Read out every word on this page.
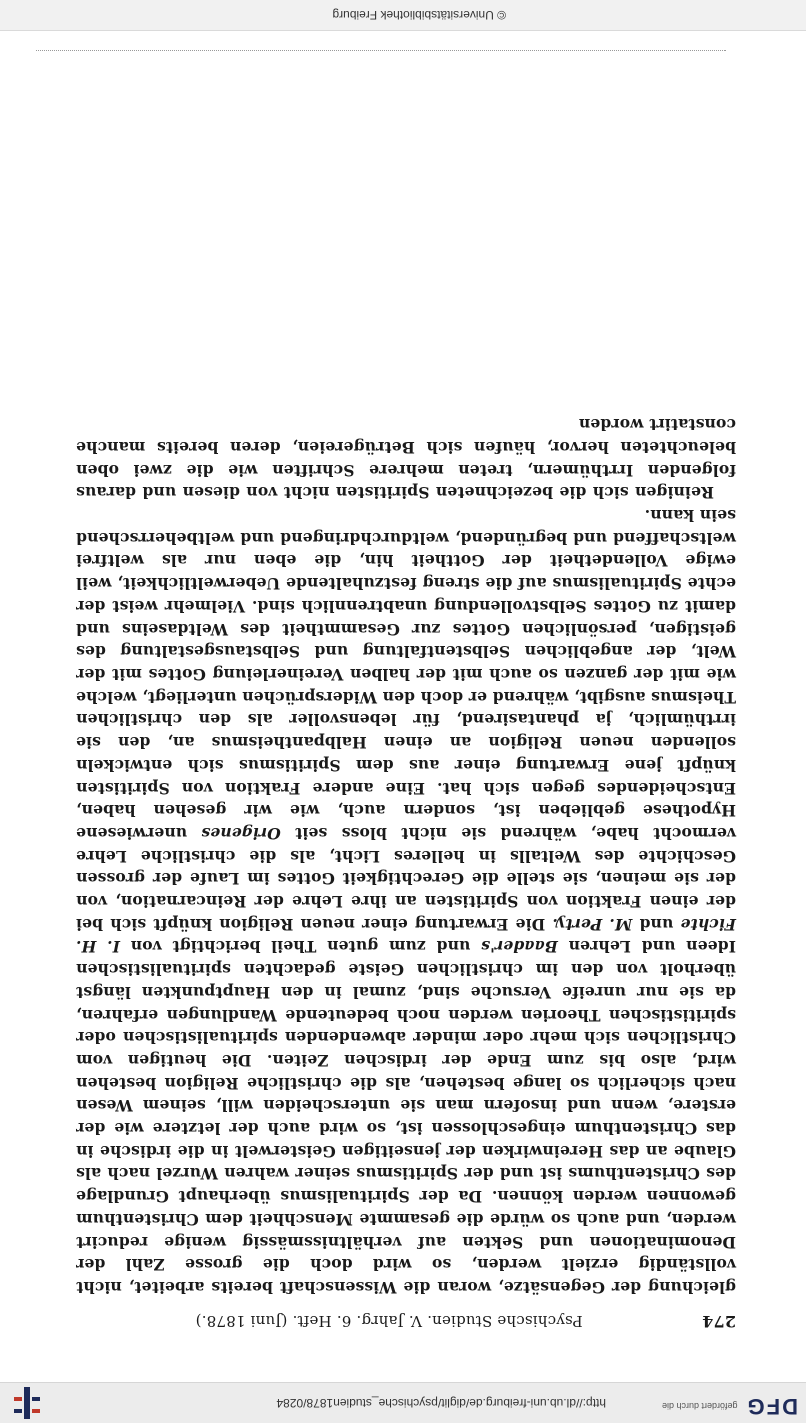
DFG
gefördert durch die
http://dl.ub.uni-freiburg.de/diglit/psychische_studien1878/0284
274
Psychische Studien. V. Jahrg. 6. Heft. (Juni 1878.)

gleichung der Gegensätze, woran die Wissenschaft bereits arbeitet, nicht vollständig erzielt werden, so wird doch die grosse Zahl der Denominationen und Sekten auf verhältnissmässig wenige reducirt werden, und auch so würde die gesammte Menschheit dem Christenthum gewonnen werden können. Da der Spiritualismus überhaupt Grundlage des Christenthums ist und der Spiritismus seiner wahren Wurzel nach als Glaube an das Hereinwirken der jenseitigen Geisterwelt in die irdische in das Christenthum eingeschlossen ist, so wird auch der letztere wie der erstere, wenn und insofern man sie unterscheiden will, seinem Wesen nach sicherlich so lange bestehen, als die christliche Religion bestehen wird, also bis zum Ende der irdischen Zeiten. Die heutigen vom Christlichen sich mehr oder minder abwendenden spiritualistischen oder spiritistischen Theorien werden noch bedeutende Wandlungen erfahren, da sie nur unreife Versuche sind, zumal in den Hauptpunkten längst überholt von den im christlichen Geiste gedachten spiritualistischen Ideen und Lehren Baader's und zum guten Theil berichtigt von I. H. Fichte und M. Perty. Die Erwartung einer neuen Religion knüpft sich bei der einen Fraktion von Spiritisten an ihre Lehre der Reincarnation, von der sie meinen, sie stelle die Gerechtigkeit Gottes im Laufe der grossen Geschichte des Weltalls in helleres Licht, als die christliche Lehre vermocht habe, während sie nicht bloss seit Origenes unerwiesene Hypothese geblieben ist, sondern auch, wie wir gesehen haben, Entscheidendes gegen sich hat. Eine andere Fraktion von Spiritisten knüpft jene Erwartung einer aus dem Spiritismus sich entwickeln sollenden neuen Religion an einen Halbpantheismus an, den sie irrthümlich, ja phantasirend, für lebensvoller als den christlichen Theismus ausgibt, während er doch den Widersprüchen unterliegt, welche wie mit der ganzen so auch mit der halben Vereinerleiung Gottes mit der Welt, der angeblichen Selbstentfaltung und Selbstausgestaltung des geistigen, persönlichen Gottes zur Gesammtheit des Weltdaseins und damit zu Gottes Selbstvollendung unabtrennlich sind. Vielmehr weist der echte Spiritualismus auf die streng festzuhaltende Ueberweltlichkeit, weil ewige Vollendetheit der Gottheit hin, die eben nur als weltfrei weltschaffend und begründend, weltdurchdringend und weltbeherrschend sein kann.

Reinigen sich die bezeichneten Spiritisten nicht von diesen und daraus folgenden Irrthümern, treten mehrere Schriften wie die zwei oben beleuchteten hervor, häufen sich Betrügereien, deren bereits manche constatirt worden

© Universitätsbibliothek Freiburg
